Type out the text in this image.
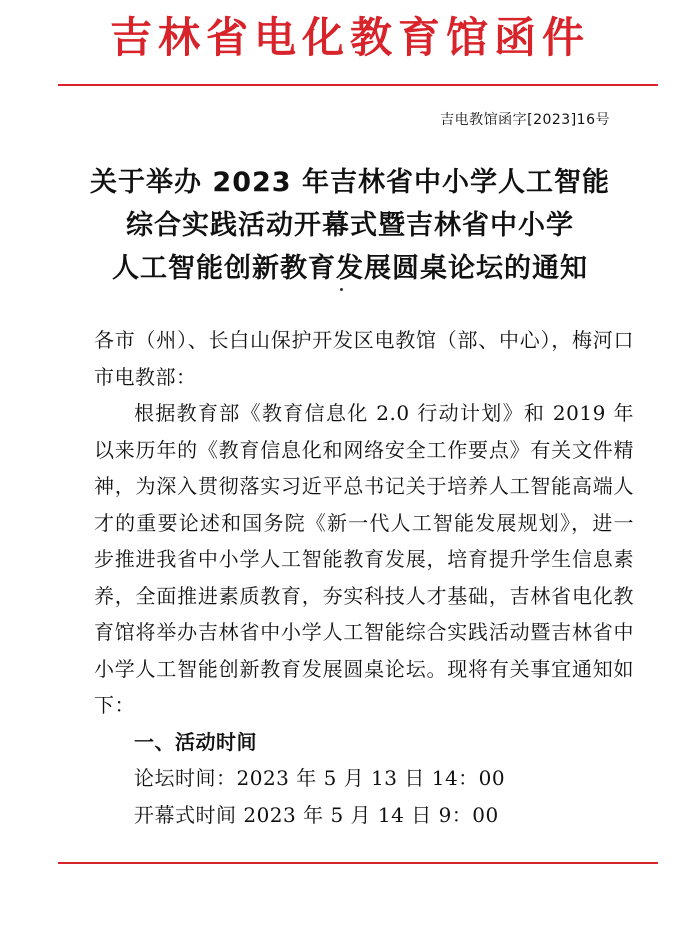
吉林省电化教育馆函件
吉电教馆函字[2023]16号
关于举办 2023 年吉林省中小学人工智能
综合实践活动开幕式暨吉林省中小学
人工智能创新教育发展圆桌论坛的通知

各市（州）、长白山保护开发区电教馆（部、中心），梅河口市电教部：

根据教育部《教育信息化 2.0 行动计划》和 2019 年以来历年的《教育信息化和网络安全工作要点》有关文件精神，为深入贯彻落实习近平总书记关于培养人工智能高端人才的重要论述和国务院《新一代人工智能发展规划》，进一步推进我省中小学人工智能教育发展，培育提升学生信息素养，全面推进素质教育，夯实科技人才基础，吉林省电化教育馆将举办吉林省中小学人工智能综合实践活动暨吉林省中小学人工智能创新教育发展圆桌论坛。现将有关事宜通知如下：

一、活动时间

论坛时间：2023 年 5 月 13 日 14：00

开幕式时间 2023 年 5 月 14 日 9：00
